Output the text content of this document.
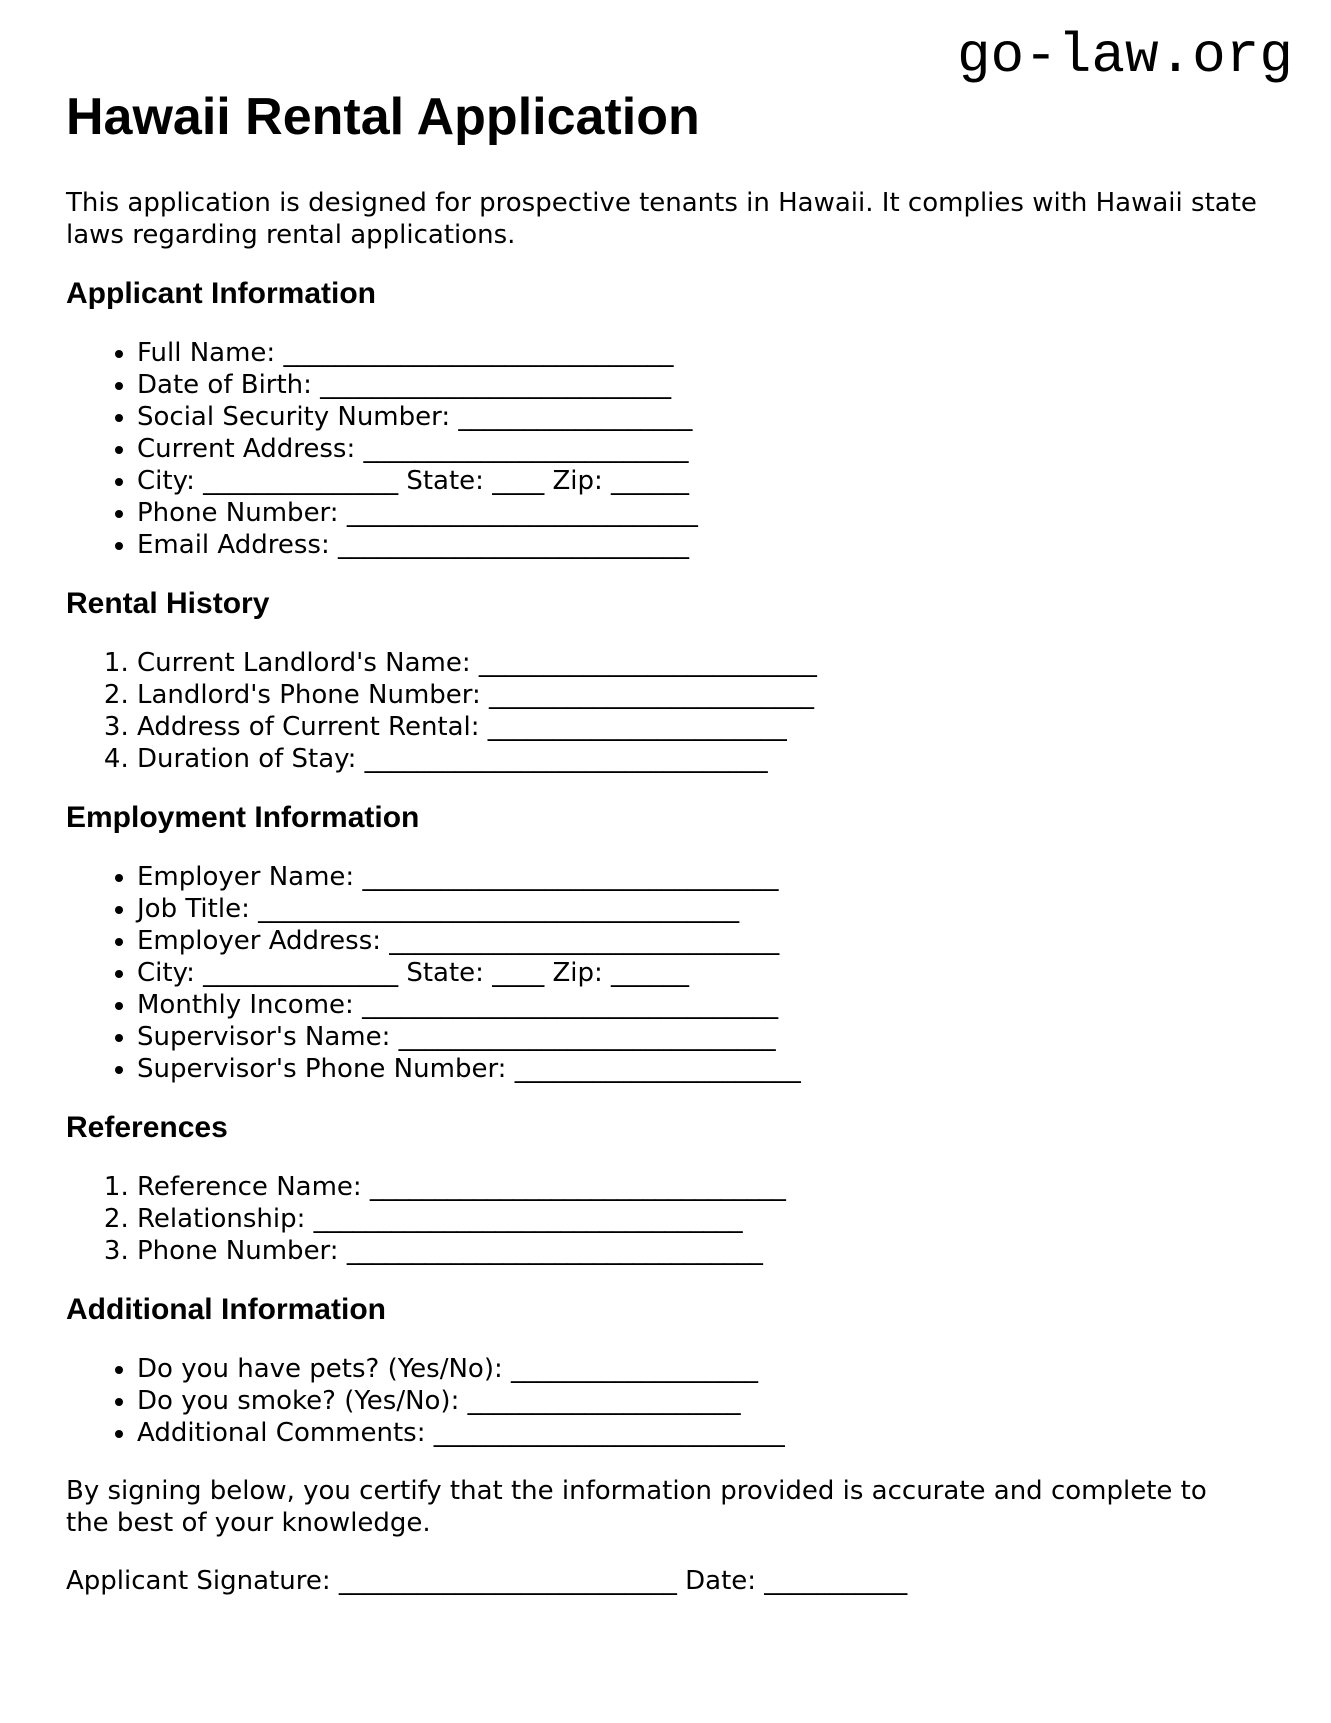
go-law.org
Hawaii Rental Application

This application is designed for prospective tenants in Hawaii. It complies with Hawaii state
laws regarding rental applications.

Applicant Information
• Full Name: ______________________________
• Date of Birth: ___________________________
• Social Security Number: __________________
• Current Address: _________________________
• City: _______________ State: ____ Zip: ______
• Phone Number: ___________________________
• Email Address: ___________________________
Rental History
1. Current Landlord's Name: __________________________
2. Landlord's Phone Number: _________________________
3. Address of Current Rental: _______________________
4. Duration of Stay: _______________________________
Employment Information
• Employer Name: ________________________________
• Job Title: _____________________________________
• Employer Address: ______________________________
• City: _______________ State: ____ Zip: ______
• Monthly Income: ________________________________
• Supervisor's Name: _____________________________
• Supervisor's Phone Number: ______________________
References
1. Reference Name: ________________________________
2. Relationship: _________________________________
3. Phone Number: ________________________________
Additional Information
• Do you have pets? (Yes/No): ___________________
• Do you smoke? (Yes/No): _____________________
• Additional Comments: ___________________________

By signing below, you certify that the information provided is accurate and complete to
the best of your knowledge.

Applicant Signature: __________________________ Date: ___________
